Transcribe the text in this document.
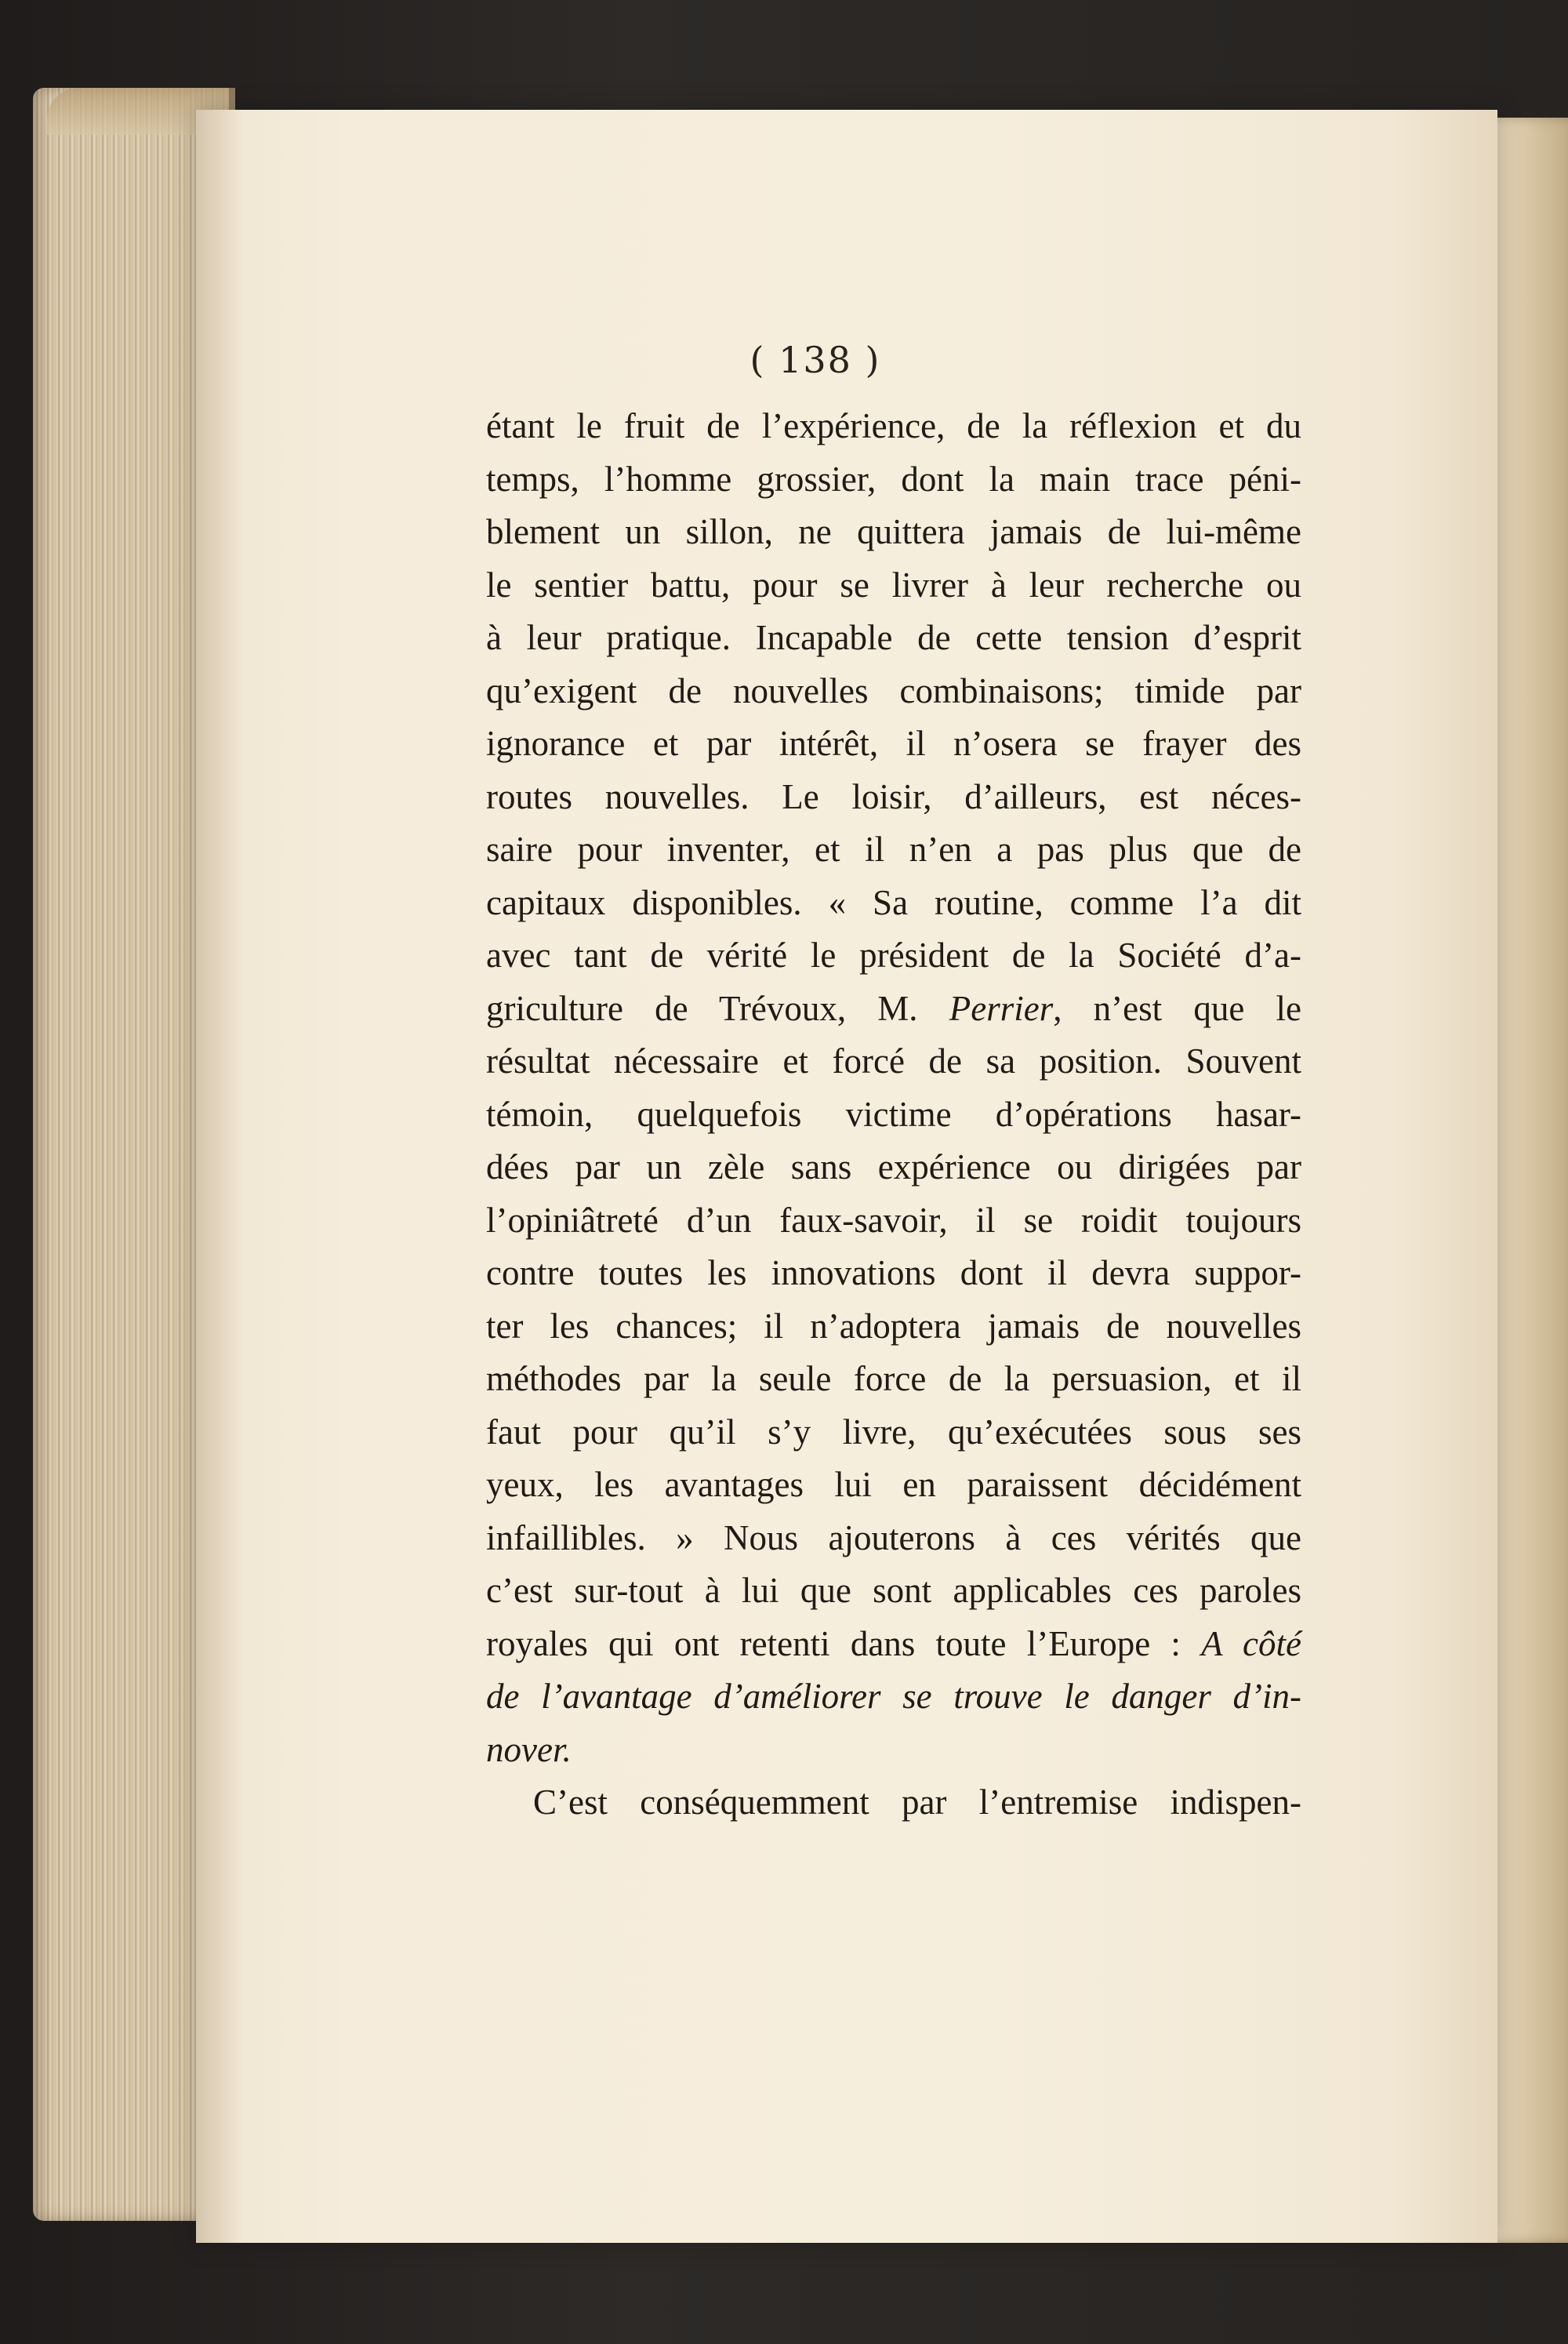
( 138 )
étant le fruit de l’expérience, de la réflexion et du
temps, l’homme grossier, dont la main trace péni-
blement un sillon, ne quittera jamais de lui-même
le sentier battu, pour se livrer à leur recherche ou
à leur pratique. Incapable de cette tension d’esprit
qu’exigent de nouvelles combinaisons; timide par
ignorance et par intérêt, il n’osera se frayer des
routes nouvelles. Le loisir, d’ailleurs, est néces-
saire pour inventer, et il n’en a pas plus que de
capitaux disponibles. « Sa routine, comme l’a dit
avec tant de vérité le président de la Société d’a-
griculture de Trévoux, M. Perrier, n’est que le
résultat nécessaire et forcé de sa position. Souvent
témoin, quelquefois victime d’opérations hasar-
dées par un zèle sans expérience ou dirigées par
l’opiniâtreté d’un faux-savoir, il se roidit toujours
contre toutes les innovations dont il devra suppor-
ter les chances; il n’adoptera jamais de nouvelles
méthodes par la seule force de la persuasion, et il
faut pour qu’il s’y livre, qu’exécutées sous ses
yeux, les avantages lui en paraissent décidément
infaillibles. » Nous ajouterons à ces vérités que
c’est sur-tout à lui que sont applicables ces paroles
royales qui ont retenti dans toute l’Europe : A côté
de l’avantage d’améliorer se trouve le danger d’in-
nover.
C’est conséquemment par l’entremise indispen-
